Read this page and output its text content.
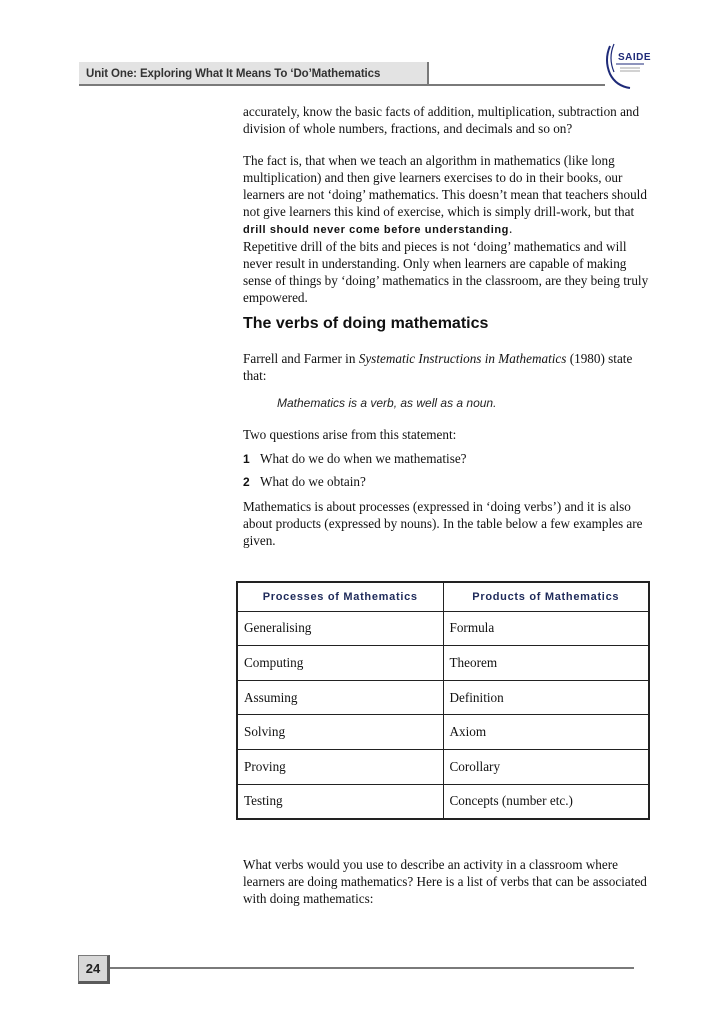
Unit One: Exploring What It Means To ‘Do’Mathematics
SAIDE
accurately, know the basic facts of addition, multiplication, subtraction and division of whole numbers, fractions, and decimals and so on?
The fact is, that when we teach an algorithm in mathematics (like long multiplication) and then give learners exercises to do in their books, our learners are not ‘doing’ mathematics. This doesn’t mean that teachers should not give learners this kind of exercise, which is simply drill-work, but that drill should never come before understanding.
Repetitive drill of the bits and pieces is not ‘doing’ mathematics and will never result in understanding. Only when learners are capable of making sense of things by ‘doing’ mathematics in the classroom, are they being truly empowered.
The verbs of doing mathematics
Farrell and Farmer in Systematic Instructions in Mathematics (1980) state that:
Mathematics is a verb, as well as a noun.
Two questions arise from this statement:
1 What do we do when we mathematise?
2 What do we obtain?
Mathematics is about processes (expressed in ‘doing verbs’) and it is also about products (expressed by nouns). In the table below a few examples are given.
Processes of Mathematics	Products of Mathematics
Generalising	Formula
Computing	Theorem
Assuming	Definition
Solving	Axiom
Proving	Corollary
Testing	Concepts (number etc.)
What verbs would you use to describe an activity in a classroom where learners are doing mathematics? Here is a list of verbs that can be associated with doing mathematics:
24
